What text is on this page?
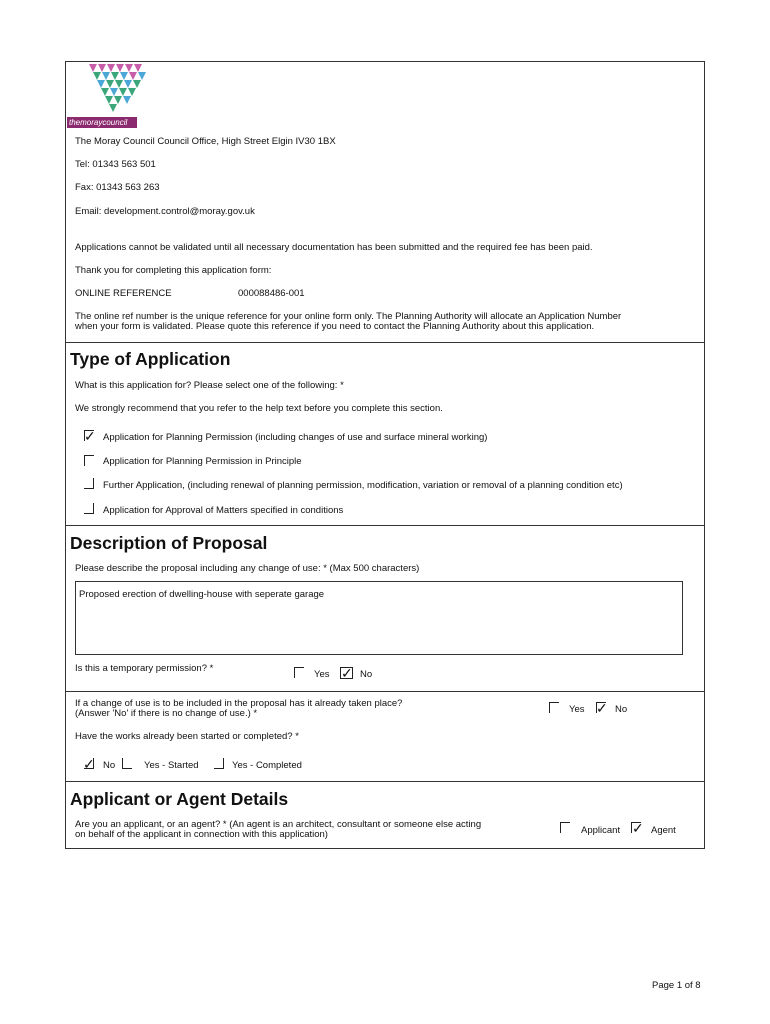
themoraycouncil
The Moray Council Council Office, High Street Elgin IV30 1BX
Tel: 01343 563 501
Fax: 01343 563 263
Email: development.control@moray.gov.uk
Applications cannot be validated until all necessary documentation has been submitted and the required fee has been paid.
Thank you for completing this application form:
ONLINE REFERENCE	000088486-001
The online ref number is the unique reference for your online form only. The Planning Authority will allocate an Application Number
when your form is validated. Please quote this reference if you need to contact the Planning Authority about this application.
Type of Application
What is this application for? Please select one of the following: *
We strongly recommend that you refer to the help text before you complete this section.
✓ Application for Planning Permission (including changes of use and surface mineral working)
Application for Planning Permission in Principle
Further Application, (including renewal of planning permission, modification, variation or removal of a planning condition etc)
Application for Approval of Matters specified in conditions
Description of Proposal
Please describe the proposal including any change of use: * (Max 500 characters)
Proposed erection of dwelling-house with seperate garage
Is this a temporary permission? *
Yes ✓ No
If a change of use is to be included in the proposal has it already taken place?
(Answer 'No' if there is no change of use.) *	Yes ✓ No
Have the works already been started or completed? *
✓ No	Yes - Started	Yes - Completed
Applicant or Agent Details
Are you an applicant, or an agent? * (An agent is an architect, consultant or someone else acting
on behalf of the applicant in connection with this application)	Applicant ✓ Agent
Page 1 of 8
